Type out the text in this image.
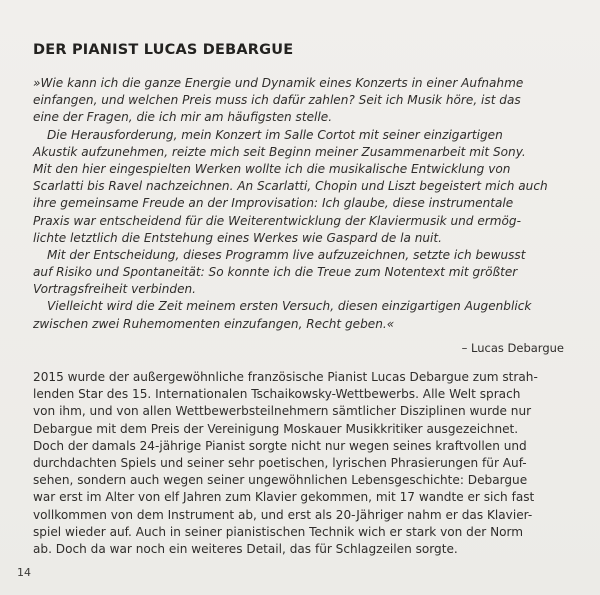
DER PIANIST LUCAS DEBARGUE
»Wie kann ich die ganze Energie und Dynamik eines Konzerts in einer Aufnahme
einfangen, und welchen Preis muss ich dafür zahlen? Seit ich Musik höre, ist das
eine der Fragen, die ich mir am häufigsten stelle.
Die Herausforderung, mein Konzert im Salle Cortot mit seiner einzigartigen
Akustik aufzunehmen, reizte mich seit Beginn meiner Zusammenarbeit mit Sony.
Mit den hier eingespielten Werken wollte ich die musikalische Entwicklung von
Scarlatti bis Ravel nachzeichnen. An Scarlatti, Chopin und Liszt begeistert mich auch
ihre gemeinsame Freude an der Improvisation: Ich glaube, diese instrumentale
Praxis war entscheidend für die Weiterentwicklung der Klaviermusik und ermög-
lichte letztlich die Entstehung eines Werkes wie Gaspard de la nuit.
Mit der Entscheidung, dieses Programm live aufzuzeichnen, setzte ich bewusst
auf Risiko und Spontaneität: So konnte ich die Treue zum Notentext mit größter
Vortragsfreiheit verbinden.
Vielleicht wird die Zeit meinem ersten Versuch, diesen einzigartigen Augenblick
zwischen zwei Ruhemomenten einzufangen, Recht geben.«
– Lucas Debargue
2015 wurde der außergewöhnliche französische Pianist Lucas Debargue zum strah-
lenden Star des 15. Internationalen Tschaikowsky-Wettbewerbs. Alle Welt sprach
von ihm, und von allen Wettbewerbsteilnehmern sämtlicher Disziplinen wurde nur
Debargue mit dem Preis der Vereinigung Moskauer Musikkritiker ausgezeichnet.
Doch der damals 24-jährige Pianist sorgte nicht nur wegen seines kraftvollen und
durchdachten Spiels und seiner sehr poetischen, lyrischen Phrasierungen für Auf-
sehen, sondern auch wegen seiner ungewöhnlichen Lebensgeschichte: Debargue
war erst im Alter von elf Jahren zum Klavier gekommen, mit 17 wandte er sich fast
vollkommen von dem Instrument ab, und erst als 20-Jähriger nahm er das Klavier-
spiel wieder auf. Auch in seiner pianistischen Technik wich er stark von der Norm
ab. Doch da war noch ein weiteres Detail, das für Schlagzeilen sorgte.
14
